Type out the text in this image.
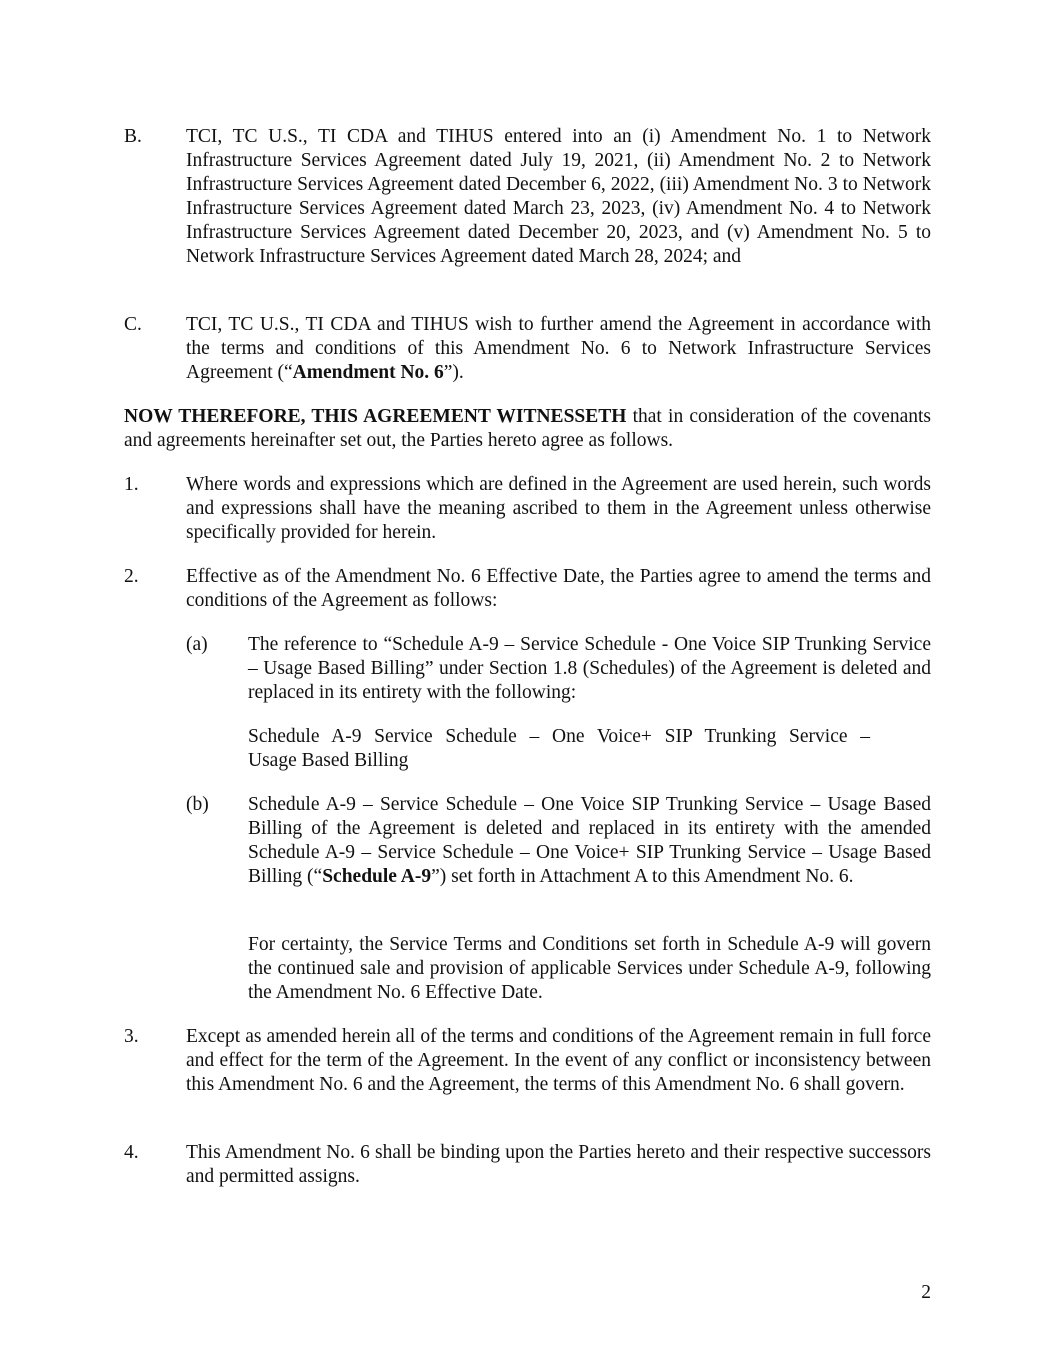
B. TCI, TC U.S., TI CDA and TIHUS entered into an (i) Amendment No. 1 to Network Infrastructure Services Agreement dated July 19, 2021, (ii) Amendment No. 2 to Network Infrastructure Services Agreement dated December 6, 2022, (iii) Amendment No. 3 to Network Infrastructure Services Agreement dated March 23, 2023, (iv) Amendment No. 4 to Network Infrastructure Services Agreement dated December 20, 2023, and (v) Amendment No. 5 to Network Infrastructure Services Agreement dated March 28, 2024; and
C. TCI, TC U.S., TI CDA and TIHUS wish to further amend the Agreement in accordance with the terms and conditions of this Amendment No. 6 to Network Infrastructure Services Agreement (“Amendment No. 6”).

NOW THEREFORE, THIS AGREEMENT WITNESSETH that in consideration of the covenants and agreements hereinafter set out, the Parties hereto agree as follows.

1. Where words and expressions which are defined in the Agreement are used herein, such words and expressions shall have the meaning ascribed to them in the Agreement unless otherwise specifically provided for herein.
2. Effective as of the Amendment No. 6 Effective Date, the Parties agree to amend the terms and conditions of the Agreement as follows:
(a) The reference to “Schedule A-9 – Service Schedule - One Voice SIP Trunking Service – Usage Based Billing” under Section 1.8 (Schedules) of the Agreement is deleted and replaced in its entirety with the following:
Schedule A-9 Service Schedule – One Voice+ SIP Trunking Service –
Usage Based Billing
(b) Schedule A-9 – Service Schedule – One Voice SIP Trunking Service – Usage Based Billing of the Agreement is deleted and replaced in its entirety with the amended Schedule A-9 – Service Schedule – One Voice+ SIP Trunking Service – Usage Based Billing (“Schedule A-9”) set forth in Attachment A to this Amendment No. 6.
For certainty, the Service Terms and Conditions set forth in Schedule A-9 will govern the continued sale and provision of applicable Services under Schedule A-9, following the Amendment No. 6 Effective Date.
3. Except as amended herein all of the terms and conditions of the Agreement remain in full force and effect for the term of the Agreement. In the event of any conflict or inconsistency between this Amendment No. 6 and the Agreement, the terms of this Amendment No. 6 shall govern.
4. This Amendment No. 6 shall be binding upon the Parties hereto and their respective successors and permitted assigns.
2
